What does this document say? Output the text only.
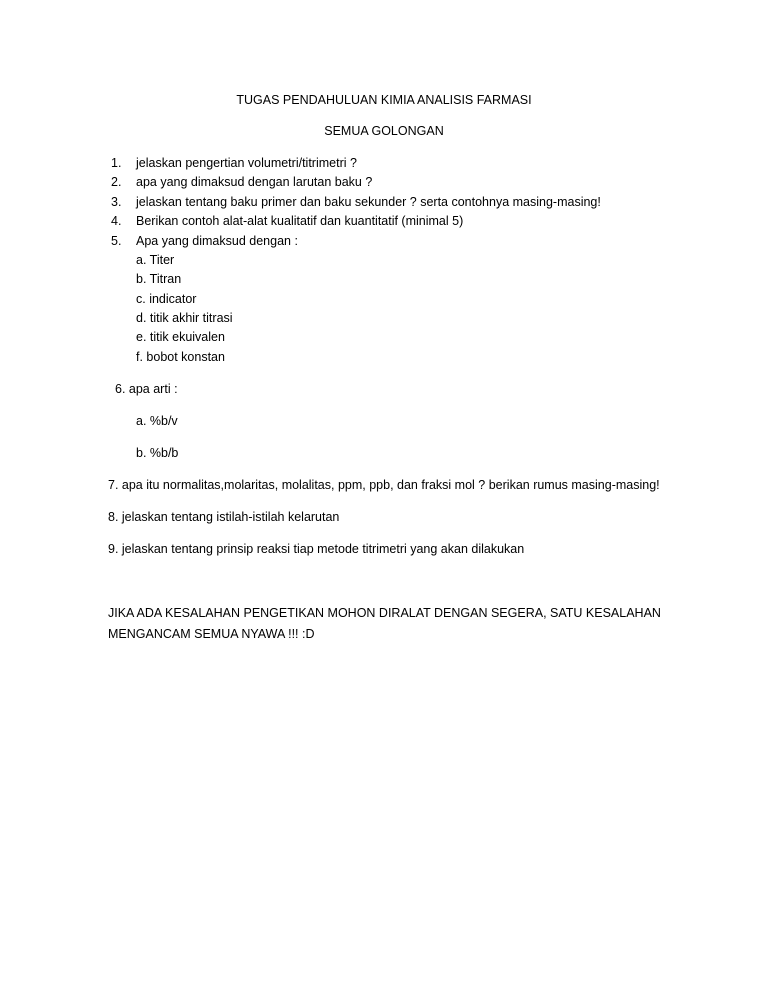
TUGAS PENDAHULUAN KIMIA ANALISIS FARMASI
SEMUA GOLONGAN
1. jelaskan pengertian volumetri/titrimetri ?
2. apa yang dimaksud dengan larutan baku ?
3. jelaskan tentang baku primer dan baku sekunder ? serta contohnya masing-masing!
4. Berikan contoh alat-alat kualitatif dan kuantitatif (minimal 5)
5. Apa yang dimaksud dengan :
a. Titer
b. Titran
c. indicator
d. titik akhir titrasi
e. titik ekuivalen
f. bobot konstan
6. apa arti :
a. %b/v
b. %b/b
7. apa itu normalitas,molaritas, molalitas, ppm, ppb, dan fraksi mol ? berikan rumus masing-masing!
8. jelaskan tentang istilah-istilah kelarutan
9. jelaskan tentang prinsip reaksi tiap metode titrimetri yang akan dilakukan
JIKA ADA KESALAHAN PENGETIKAN MOHON DIRALAT DENGAN SEGERA, SATU KESALAHAN
MENGANCAM SEMUA NYAWA !!! :D
